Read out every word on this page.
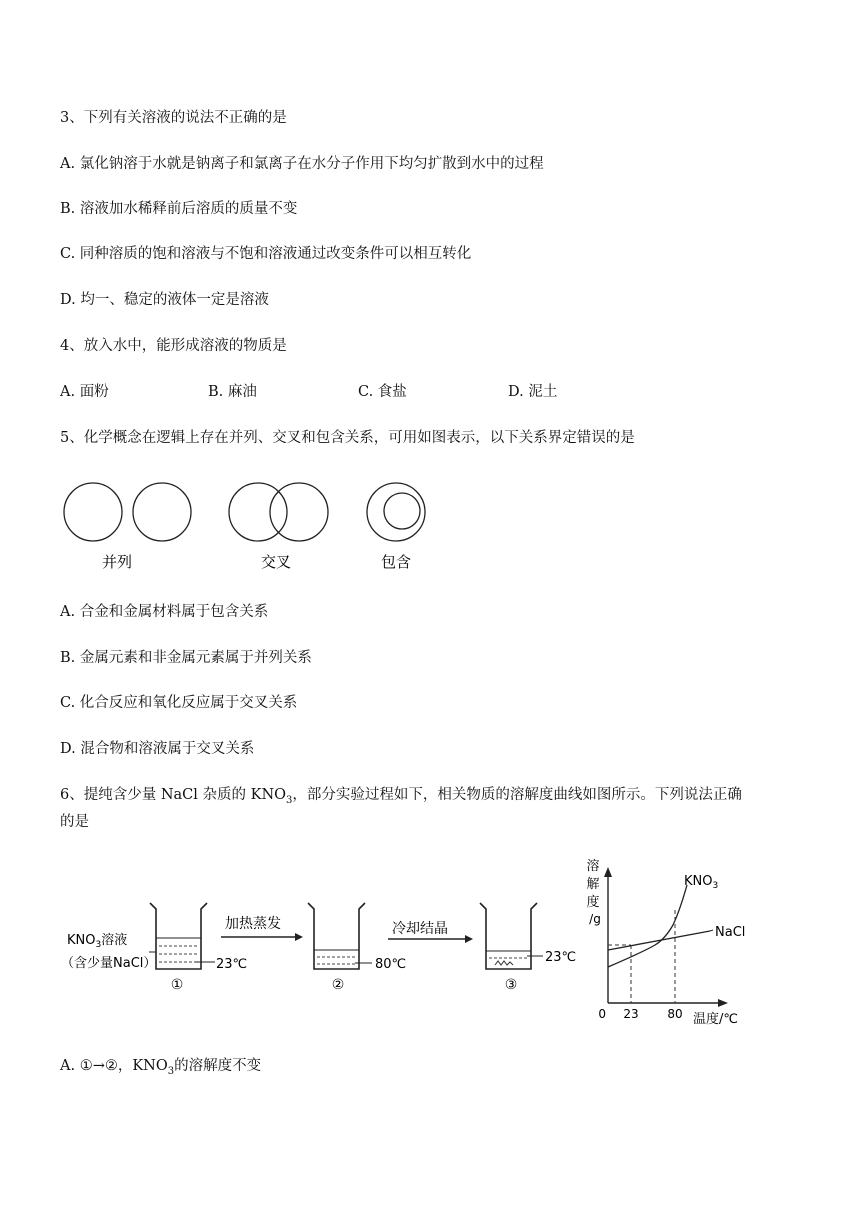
3、下列有关溶液的说法不正确的是
A. 氯化钠溶于水就是钠离子和氯离子在水分子作用下均匀扩散到水中的过程
B. 溶液加水稀释前后溶质的质量不变
C. 同种溶质的饱和溶液与不饱和溶液通过改变条件可以相互转化
D. 均一、稳定的液体一定是溶液
4、放入水中，能形成溶液的物质是
A. 面粉	B. 麻油	C. 食盐	D. 泥土
5、化学概念在逻辑上存在并列、交叉和包含关系，可用如图表示，以下关系界定错误的是
并列	交叉	包含
A. 合金和金属材料属于包含关系
B. 金属元素和非金属元素属于并列关系
C. 化合反应和氧化反应属于交叉关系
D. 混合物和溶液属于交叉关系
6、提纯含少量 NaCl 杂质的 $KNO_3$，部分实验过程如下，相关物质的溶解度曲线如图所示。下列说法正确
的是
$KNO_3$溶液
（含少量NaCl）	23℃
①
加热蒸发
80℃
②
冷却结晶
23℃
③
溶
解
度
/g
$KNO_3$
NaCl
0 23 80 温度/℃
A. ①→②，$KNO_3$的溶解度不变
